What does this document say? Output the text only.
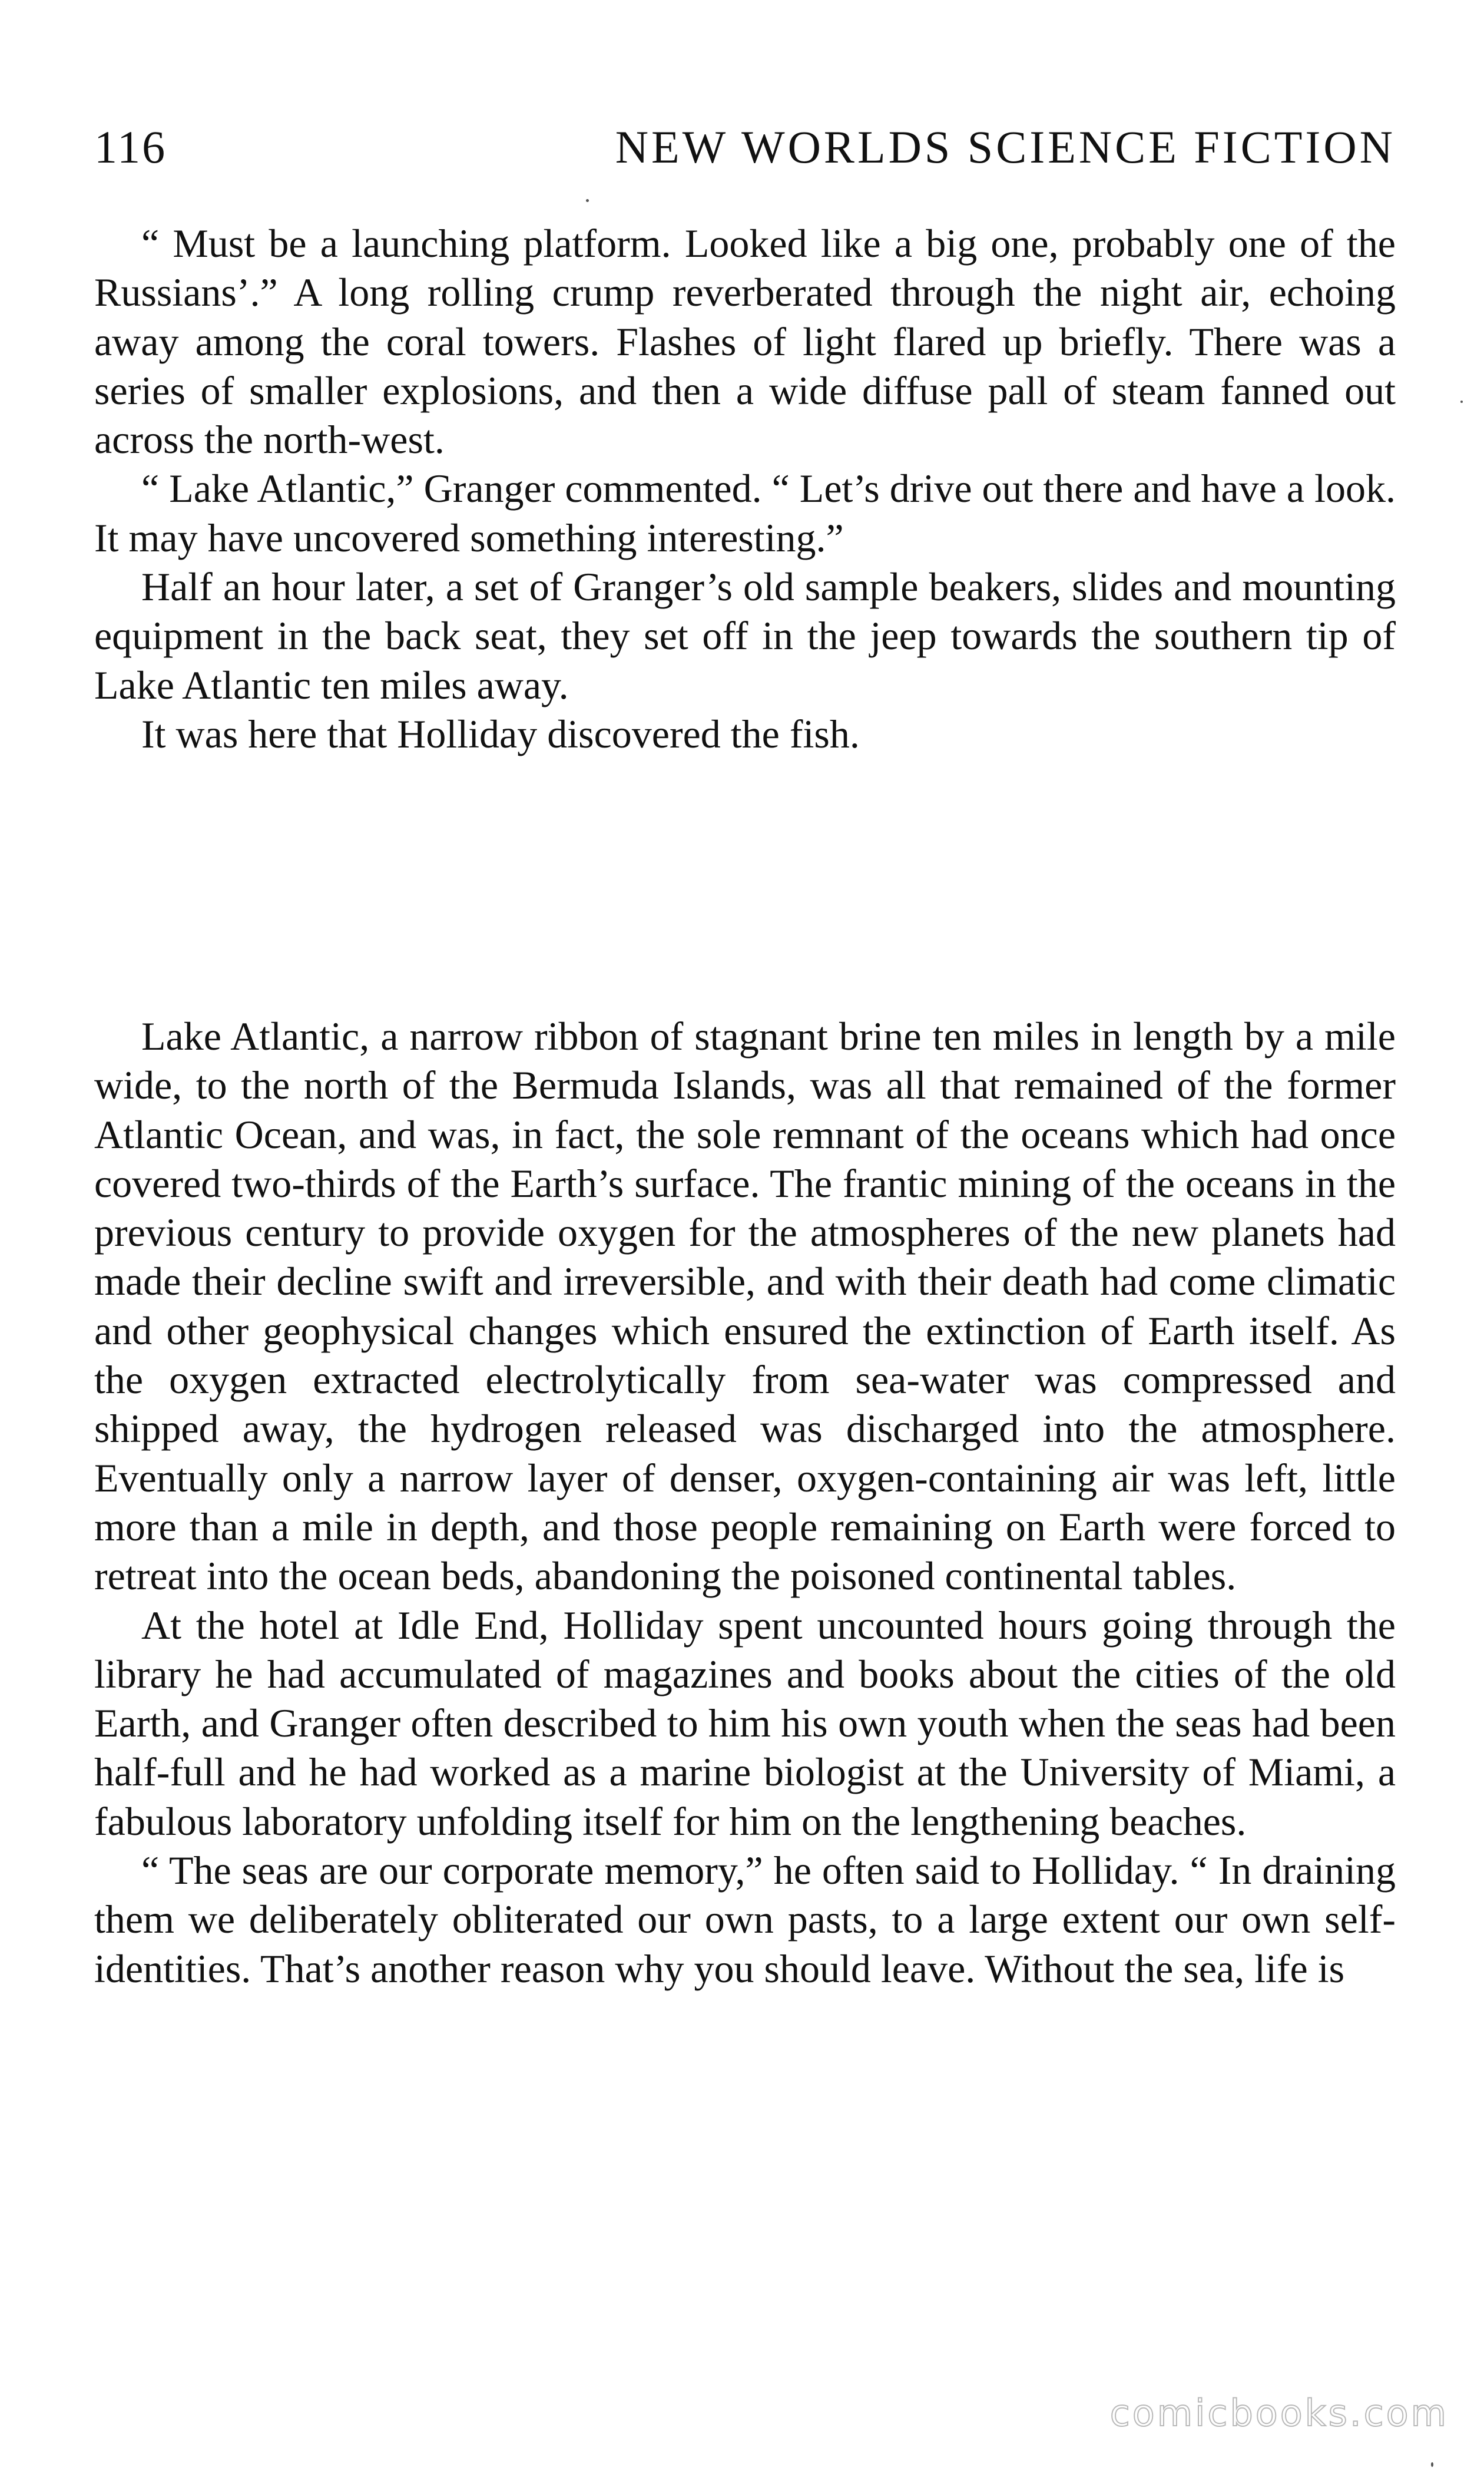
116	NEW WORLDS SCIENCE FICTION

“ Must be a launching platform. Looked like a big one, probably one of the Russians’.” A long rolling crump reverberated through the night air, echoing away among the coral towers. Flashes of light flared up briefly. There was a series of smaller explosions, and then a wide diffuse pall of steam fanned out across the north-west.

“ Lake Atlantic,” Granger commented. “ Let’s drive out there and have a look. It may have uncovered something interesting.”

Half an hour later, a set of Granger’s old sample beakers, slides and mounting equipment in the back seat, they set off in the jeep towards the southern tip of Lake Atlantic ten miles away.

It was here that Holliday discovered the fish.

Lake Atlantic, a narrow ribbon of stagnant brine ten miles in length by a mile wide, to the north of the Bermuda Islands, was all that remained of the former Atlantic Ocean, and was, in fact, the sole remnant of the oceans which had once covered two-thirds of the Earth’s surface. The frantic mining of the oceans in the previous century to provide oxygen for the atmospheres of the new planets had made their decline swift and irreversible, and with their death had come climatic and other geophysical changes which ensured the extinction of Earth itself. As the oxygen extracted electrolytically from sea-water was compressed and shipped away, the hydrogen released was discharged into the atmosphere. Eventually only a narrow layer of denser, oxygen-containing air was left, little more than a mile in depth, and those people remaining on Earth were forced to retreat into the ocean beds, abandoning the poisoned continental tables.

At the hotel at Idle End, Holliday spent uncounted hours going through the library he had accumulated of magazines and books about the cities of the old Earth, and Granger often described to him his own youth when the seas had been half-full and he had worked as a marine biologist at the University of Miami, a fabulous laboratory unfolding itself for him on the lengthening beaches.

“ The seas are our corporate memory,” he often said to Holliday. “ In draining them we deliberately obliterated our own pasts, to a large extent our own self-identities. That’s another reason why you should leave. Without the sea, life is

comicbooks.com
